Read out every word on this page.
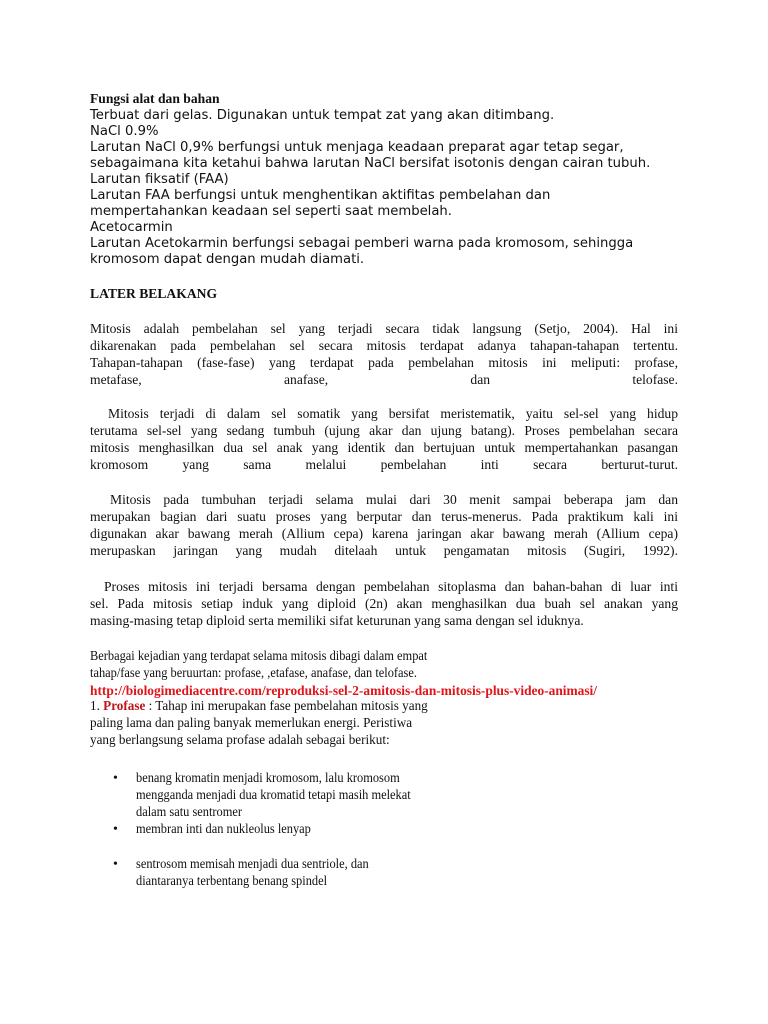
Fungsi alat dan bahan
Terbuat dari gelas. Digunakan untuk tempat zat yang akan ditimbang.
NaCl 0.9%
Larutan NaCl 0,9% berfungsi untuk menjaga keadaan preparat agar tetap segar,
sebagaimana kita ketahui bahwa larutan NaCl bersifat isotonis dengan cairan tubuh.
Larutan fiksatif (FAA)
Larutan FAA berfungsi untuk menghentikan aktifitas pembelahan dan
mempertahankan keadaan sel seperti saat membelah.
Acetocarmin
Larutan Acetokarmin berfungsi sebagai pemberi warna pada kromosom, sehingga
kromosom dapat dengan mudah diamati.
LATER BELAKANG
Mitosis adalah pembelahan sel yang terjadi secara tidak langsung (Setjo, 2004). Hal ini
dikarenakan pada pembelahan sel secara mitosis terdapat adanya tahapan-tahapan tertentu.
Tahapan-tahapan (fase-fase) yang terdapat pada pembelahan mitosis ini meliputi: profase,
metafase, anafase, dan telofase.
Mitosis terjadi di dalam sel somatik yang bersifat meristematik, yaitu sel-sel yang hidup
terutama sel-sel yang sedang tumbuh (ujung akar dan ujung batang). Proses pembelahan secara
mitosis menghasilkan dua sel anak yang identik dan bertujuan untuk mempertahankan pasangan
kromosom yang sama melalui pembelahan inti secara berturut-turut.
Mitosis pada tumbuhan terjadi selama mulai dari 30 menit sampai beberapa jam dan
merupakan bagian dari suatu proses yang berputar dan terus-menerus. Pada praktikum kali ini
digunakan akar bawang merah (Allium cepa) karena jaringan akar bawang merah (Allium cepa)
merupaskan jaringan yang mudah ditelaah untuk pengamatan mitosis (Sugiri, 1992).
Proses mitosis ini terjadi bersama dengan pembelahan sitoplasma dan bahan-bahan di luar inti
sel. Pada mitosis setiap induk yang diploid (2n) akan menghasilkan dua buah sel anakan yang
masing-masing tetap diploid serta memiliki sifat keturunan yang sama dengan sel iduknya.
Berbagai kejadian yang terdapat selama mitosis dibagi dalam empat
tahap/fase yang beruurtan: profase, ,etafase, anafase, dan telofase.
http://biologimediacentre.com/reproduksi-sel-2-amitosis-dan-mitosis-plus-video-animasi/
1. Profase : Tahap ini merupakan fase pembelahan mitosis yang
paling lama dan paling banyak memerlukan energi. Peristiwa
yang berlangsung selama profase adalah sebagai berikut:
• benang kromatin menjadi kromosom, lalu kromosom
mengganda menjadi dua kromatid tetapi masih melekat
dalam satu sentromer
• membran inti dan nukleolus lenyap
• sentrosom memisah menjadi dua sentriole, dan
diantaranya terbentang benang spindel
